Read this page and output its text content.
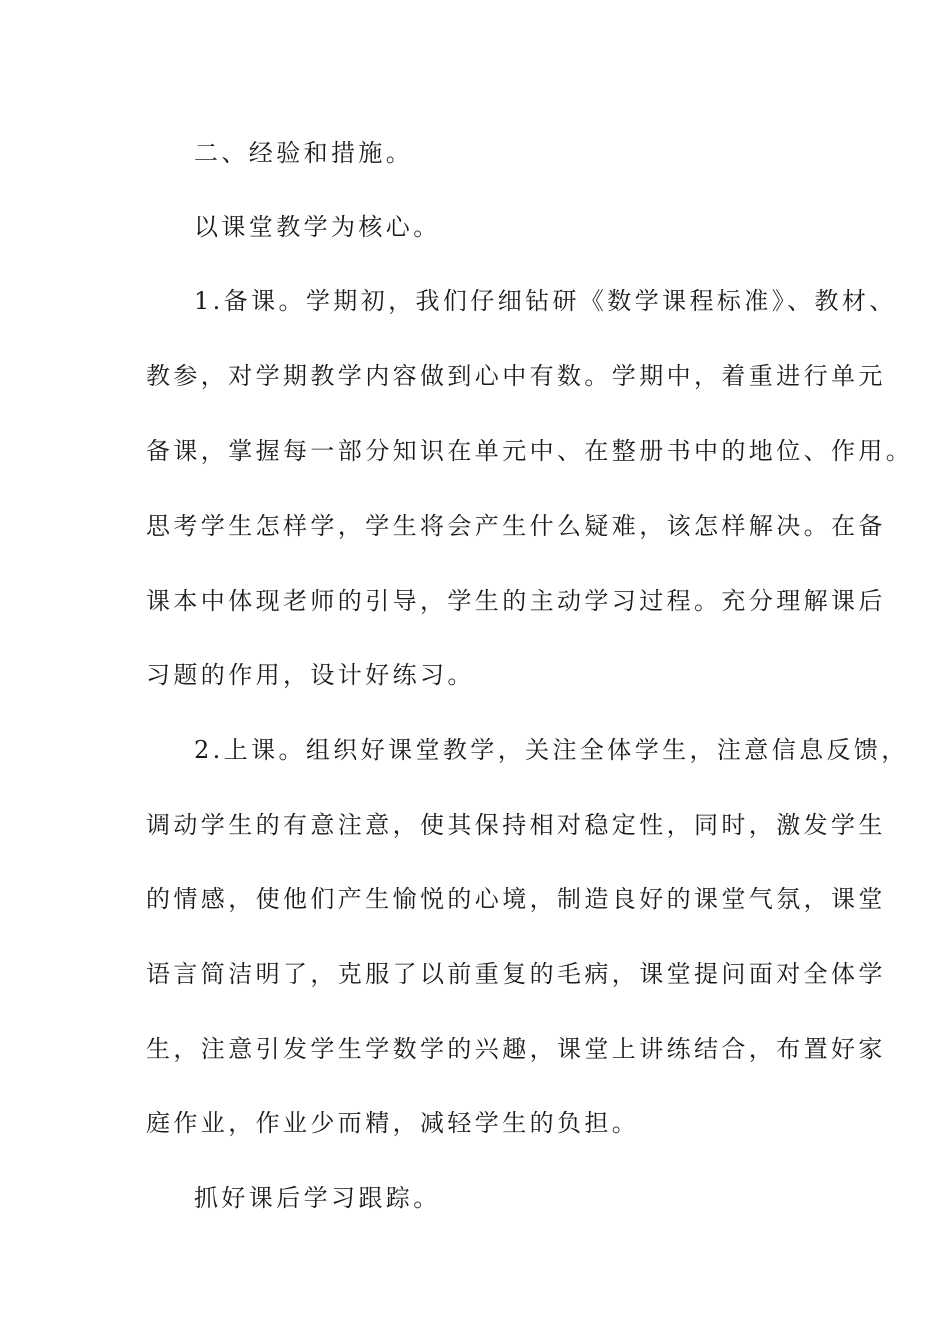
二、经验和措施。
以课堂教学为核心。
1.备课。学期初，我们仔细钻研《数学课程标准》、教材、
教参，对学期教学内容做到心中有数。学期中，着重进行单元
备课，掌握每一部分知识在单元中、在整册书中的地位、作用。
思考学生怎样学，学生将会产生什么疑难，该怎样解决。在备
课本中体现老师的引导，学生的主动学习过程。充分理解课后
习题的作用，设计好练习。
2.上课。组织好课堂教学，关注全体学生，注意信息反馈，
调动学生的有意注意，使其保持相对稳定性，同时，激发学生
的情感，使他们产生愉悦的心境，制造良好的课堂气氛，课堂
语言简洁明了，克服了以前重复的毛病，课堂提问面对全体学
生，注意引发学生学数学的兴趣，课堂上讲练结合，布置好家
庭作业，作业少而精，减轻学生的负担。
抓好课后学习跟踪。
